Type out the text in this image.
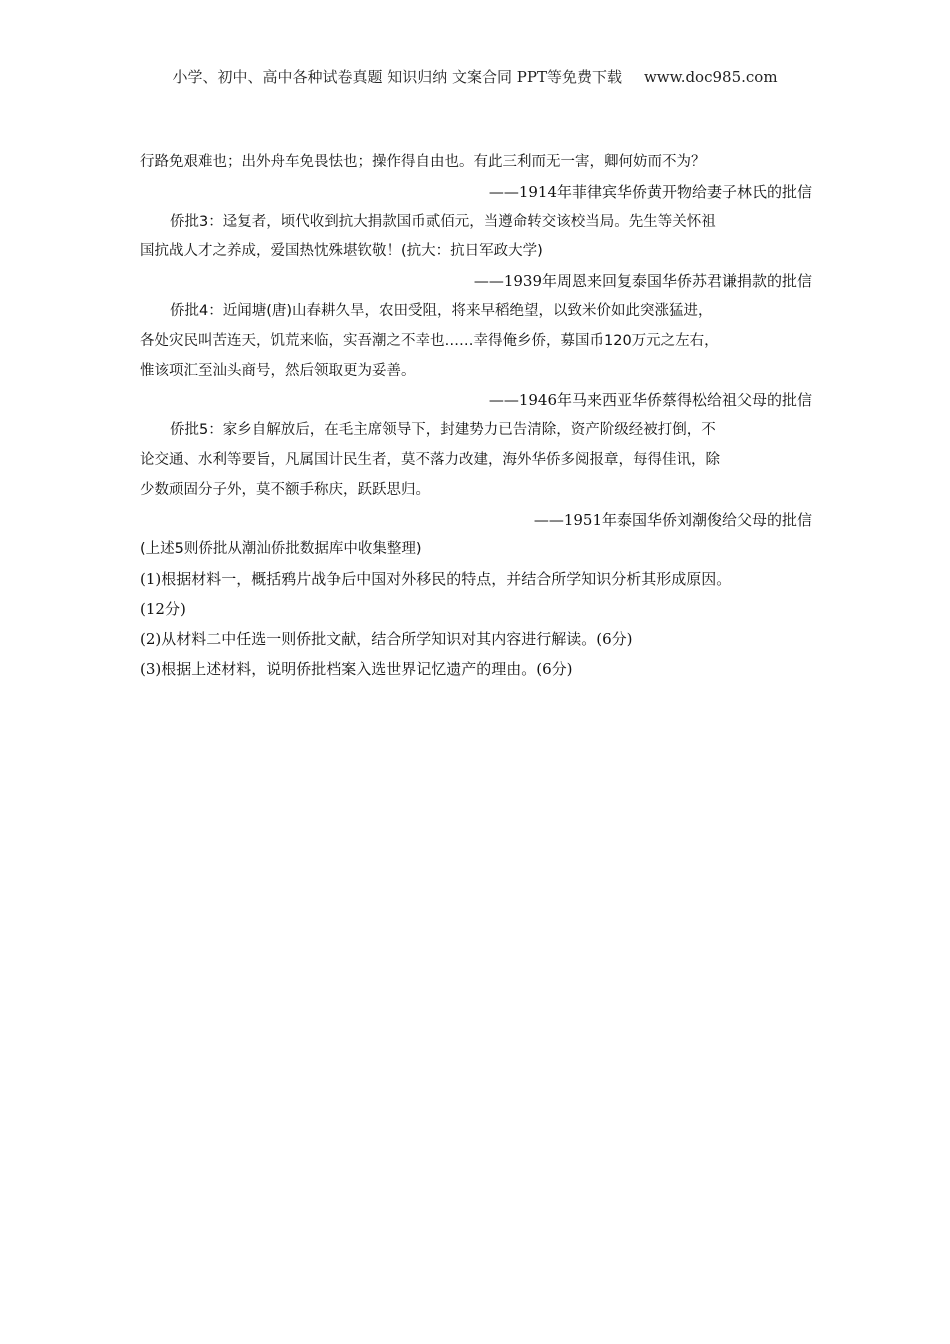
小学、初中、高中各种试卷真题 知识归纳 文案合同 PPT等免费下载 www.doc985.com
行路免艰难也；出外舟车免畏怯也；操作得自由也。有此三利而无一害，卿何妨而不为？
——1914年菲律宾华侨黄开物给妻子林氏的批信
侨批3：迳复者，顷代收到抗大捐款国币贰佰元，当遵命转交该校当局。先生等关怀祖
国抗战人才之养成，爱国热忱殊堪钦敬！(抗大：抗日军政大学)
——1939年周恩来回复泰国华侨苏君谦捐款的批信
侨批4：近闻塘(唐)山春耕久旱，农田受阻，将来早稻绝望，以致米价如此突涨猛进，
各处灾民叫苦连天，饥荒来临，实吾潮之不幸也……幸得俺乡侨，募国币120万元之左右，
惟该项汇至汕头商号，然后领取更为妥善。
——1946年马来西亚华侨蔡得松给祖父母的批信
侨批5：家乡自解放后，在毛主席领导下，封建势力已告清除，资产阶级经被打倒，不
论交通、水利等要旨，凡属国计民生者，莫不落力改建，海外华侨多阅报章，每得佳讯，除
少数顽固分子外，莫不额手称庆，跃跃思归。
——1951年泰国华侨刘潮俊给父母的批信
(上述5则侨批从潮汕侨批数据库中收集整理)
(1)根据材料一，概括鸦片战争后中国对外移民的特点，并结合所学知识分析其形成原因。
(12分)
(2)从材料二中任选一则侨批文献，结合所学知识对其内容进行解读。(6分)
(3)根据上述材料，说明侨批档案入选世界记忆遗产的理由。(6分)
